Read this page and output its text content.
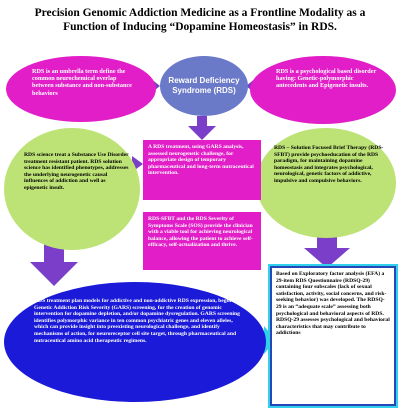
Precision Genomic Addiction Medicine as a Frontline Modality as a Function of Inducing “Dopamine Homeostasis” in RDS.
Reward Deficiency Syndrome (RDS)
RDS is an umbrella term define the common neurochemical overlap between substance and non-substance behaviors
RDS is a psychological based disorder having: Genetic-polymorphic antecedents and Epigenetic insults.
RDS science treat a Substance Use Disorder treatment resistant patient. RDS solution science has identified phenotypes, addresses the underlying neurogenetic causal influences of addiction and well as epigenetic insult.
RDS – Solution Focused Brief Therapy (RDS-SFBT) provide psychoeducation of the RDS paradigm, for maintaining dopamine homeostasis and integrates psychological, neurological, genetic factors of addictive, impulsive and compulsive behaviors.
A RDS treatment, using GARS analysis, assessed neurogenetic challenge, for appropriate design of temporary pharmaceutical and long-term nutraceutical intervention.
RDS-SFBT and the RDS Severity of Symptoms Scale (SOS) provide the clinician with a viable tool for achieving neurological balance, allowing the patient to achieve self-efficacy, self-actualization and thrive.
RDS treatment plan models for addictive and non-addictive RDS expression, begin with Genetic Addiction Risk Severity (GARS) screening, for the creation of genomic intervention for dopamine depletion, and/or dopamine dysregulation. GARS screening identifies polymorphic variance in ten common psychiatric genes and eleven alleles, which can provide insight into preexisting neurological challenge, and identify mechanisms of action, for neuroreceptor cell site target, through pharmaceutical and nutraceutical amino acid therapeutic regimens.
Based on Exploratory factor analysis (EFA) a 29-item RDS Questionnaire (RDSQ-29) containing four subscales (lack of sexual satisfaction, activity, social concerns, and risk-seeking behavior) was developed. The RDSQ-29 is an “adequate scale” assessing both psychological and behavioral aspects of RDS. RDSQ-29 assesses psychological and behavioral characteristics that may contribute to addictions
